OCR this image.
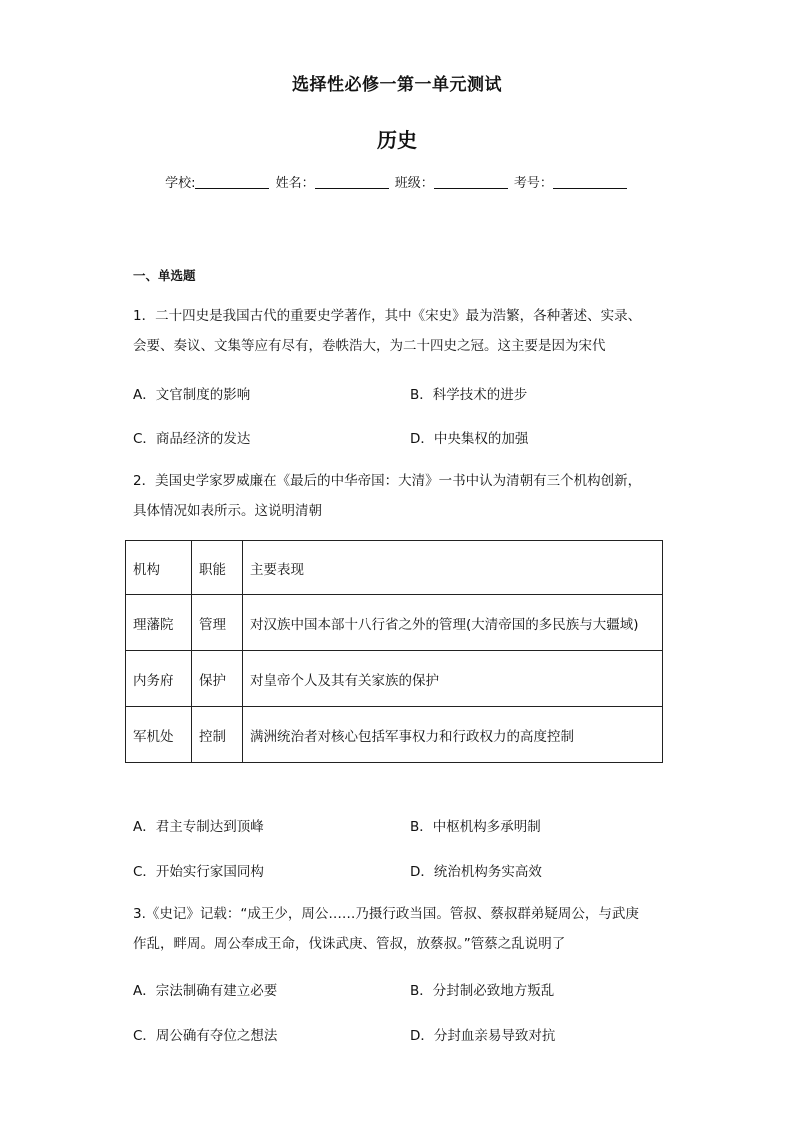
选择性必修一第一单元测试
历史
学校:	姓名：	班级：	考号：
一、单选题
1．二十四史是我国古代的重要史学著作，其中《宋史》最为浩繁，各种著述、实录、
会要、奏议、文集等应有尽有，卷帙浩大，为二十四史之冠。这主要是因为宋代
A．文官制度的影响	B．科学技术的进步
C．商品经济的发达	D．中央集权的加强
2．美国史学家罗威廉在《最后的中华帝国：大清》一书中认为清朝有三个机构创新，
具体情况如表所示。这说明清朝
机构	职能	主要表现
理藩院	管理	对汉族中国本部十八行省之外的管理(大清帝国的多民族与大疆域)
内务府	保护	对皇帝个人及其有关家族的保护
军机处	控制	满洲统治者对核心包括军事权力和行政权力的高度控制
A．君主专制达到顶峰	B．中枢机构多承明制
C．开始实行家国同构	D．统治机构务实高效
3.《史记》记载：“成王少，周公……乃摄行政当国。管叔、蔡叔群弟疑周公，与武庚
作乱，畔周。周公奉成王命，伐诛武庚、管叔，放蔡叔。”管蔡之乱说明了
A．宗法制确有建立必要	B．分封制必致地方叛乱
C．周公确有夺位之想法	D．分封血亲易导致对抗
